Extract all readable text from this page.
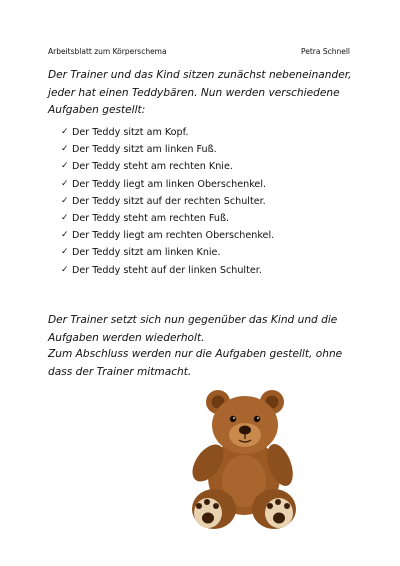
Arbeitsblatt zum Körperschema	Petra Schnell
Der Trainer und das Kind sitzen zunächst nebeneinander, jeder hat einen Teddybären. Nun werden verschiedene Aufgaben gestellt:
✓ Der Teddy sitzt am Kopf.
✓ Der Teddy sitzt am linken Fuß.
✓ Der Teddy steht am rechten Knie.
✓ Der Teddy liegt am linken Oberschenkel.
✓ Der Teddy sitzt auf der rechten Schulter.
✓ Der Teddy steht am rechten Fuß.
✓ Der Teddy liegt am rechten Oberschenkel.
✓ Der Teddy sitzt am linken Knie.
✓ Der Teddy steht auf der linken Schulter.
Der Trainer setzt sich nun gegenüber das Kind und die Aufgaben werden wiederholt.
Zum Abschluss werden nur die Aufgaben gestellt, ohne dass der Trainer mitmacht.
